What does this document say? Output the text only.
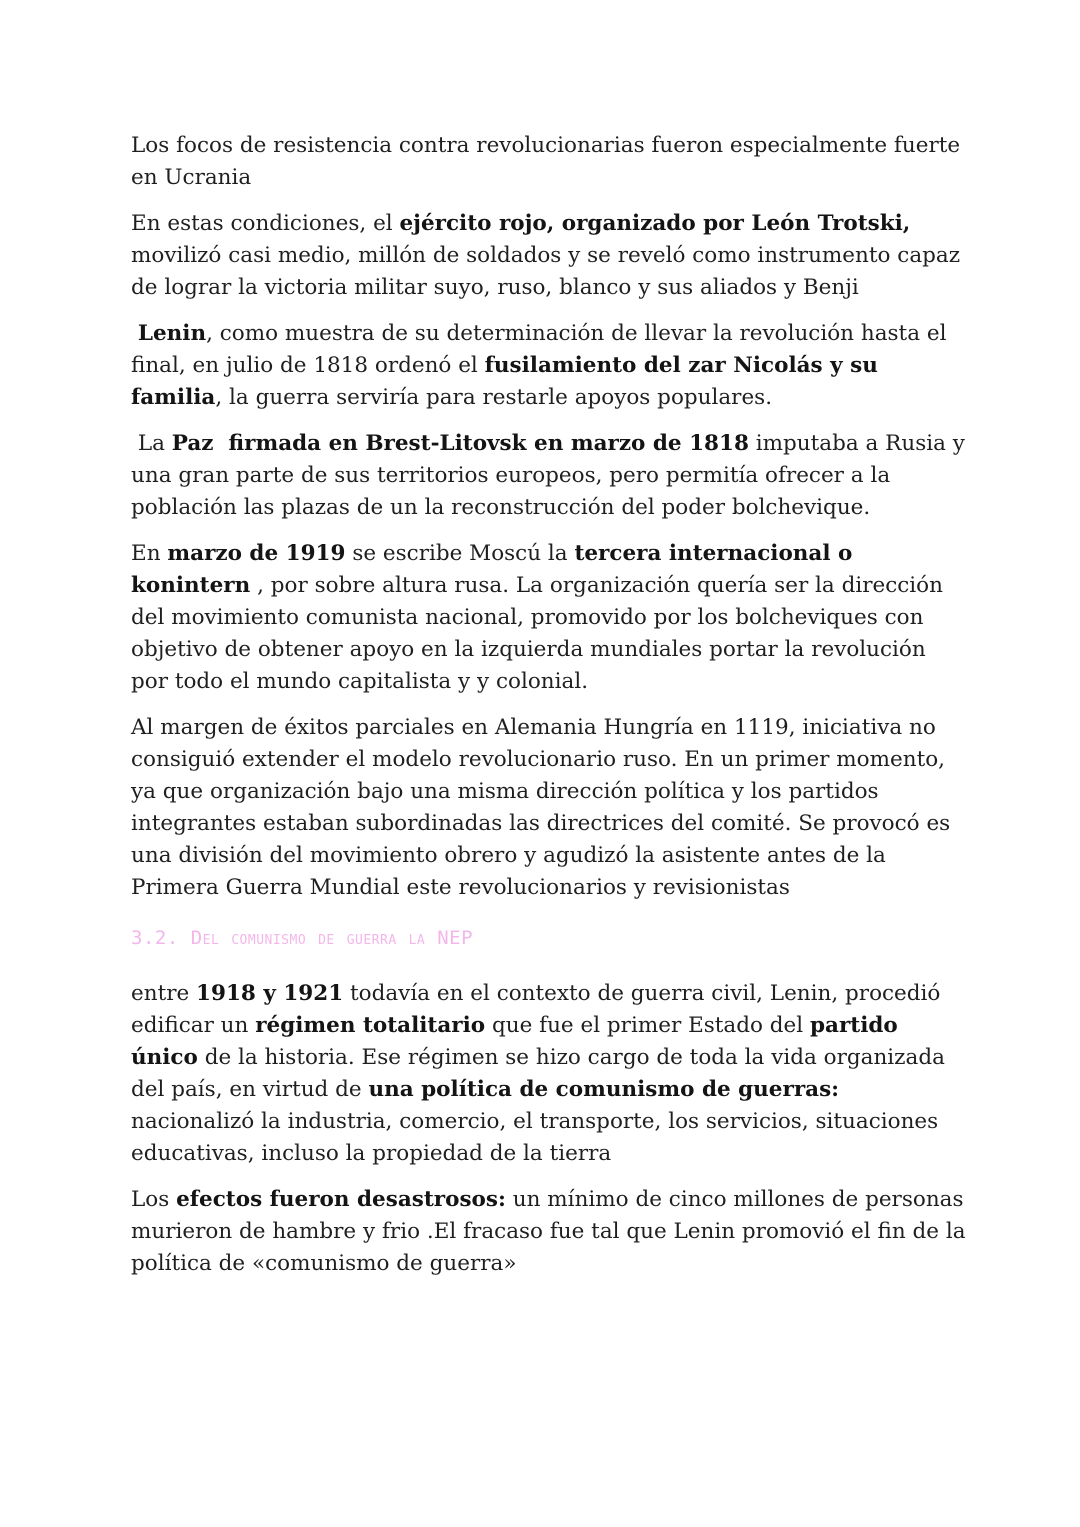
Los focos de resistencia contra revolucionarias fueron especialmente fuerte en Ucrania

En estas condiciones, el ejército rojo, organizado por León Trotski, movilizó casi medio, millón de soldados y se reveló como instrumento capaz de lograr la victoria militar suyo, ruso, blanco y sus aliados y Benji

Lenin, como muestra de su determinación de llevar la revolución hasta el final, en julio de 1818 ordenó el fusilamiento del zar Nicolás y su familia, la guerra serviría para restarle apoyos populares.

La Paz  firmada en Brest-Litovsk en marzo de 1818 imputaba a Rusia y una gran parte de sus territorios europeos, pero permitía ofrecer a la población las plazas de un la reconstrucción del poder bolchevique.

En marzo de 1919 se escribe Moscú la tercera internacional o konintern , por sobre altura rusa. La organización quería ser la dirección del movimiento comunista nacional, promovido por los bolcheviques con objetivo de obtener apoyo en la izquierda mundiales portar la revolución por todo el mundo capitalista y y colonial.

Al margen de éxitos parciales en Alemania Hungría en 1119, iniciativa no consiguió extender el modelo revolucionario ruso. En un primer momento, ya que organización bajo una misma dirección política y los partidos integrantes estaban subordinadas las directrices del comité. Se provocó es una división del movimiento obrero y agudizó la asistente antes de la Primera Guerra Mundial este revolucionarios y revisionistas

3.2. Del comunismo de guerra la NEP

entre 1918 y 1921 todavía en el contexto de guerra civil, Lenin, procedió edificar un régimen totalitario que fue el primer Estado del partido único de la historia. Ese régimen se hizo cargo de toda la vida organizada del país, en virtud de una política de comunismo de guerras: nacionalizó la industria, comercio, el transporte, los servicios, situaciones educativas, incluso la propiedad de la tierra

Los efectos fueron desastrosos: un mínimo de cinco millones de personas murieron de hambre y frio .El fracaso fue tal que Lenin promovió el fin de la política de «comunismo de guerra»
